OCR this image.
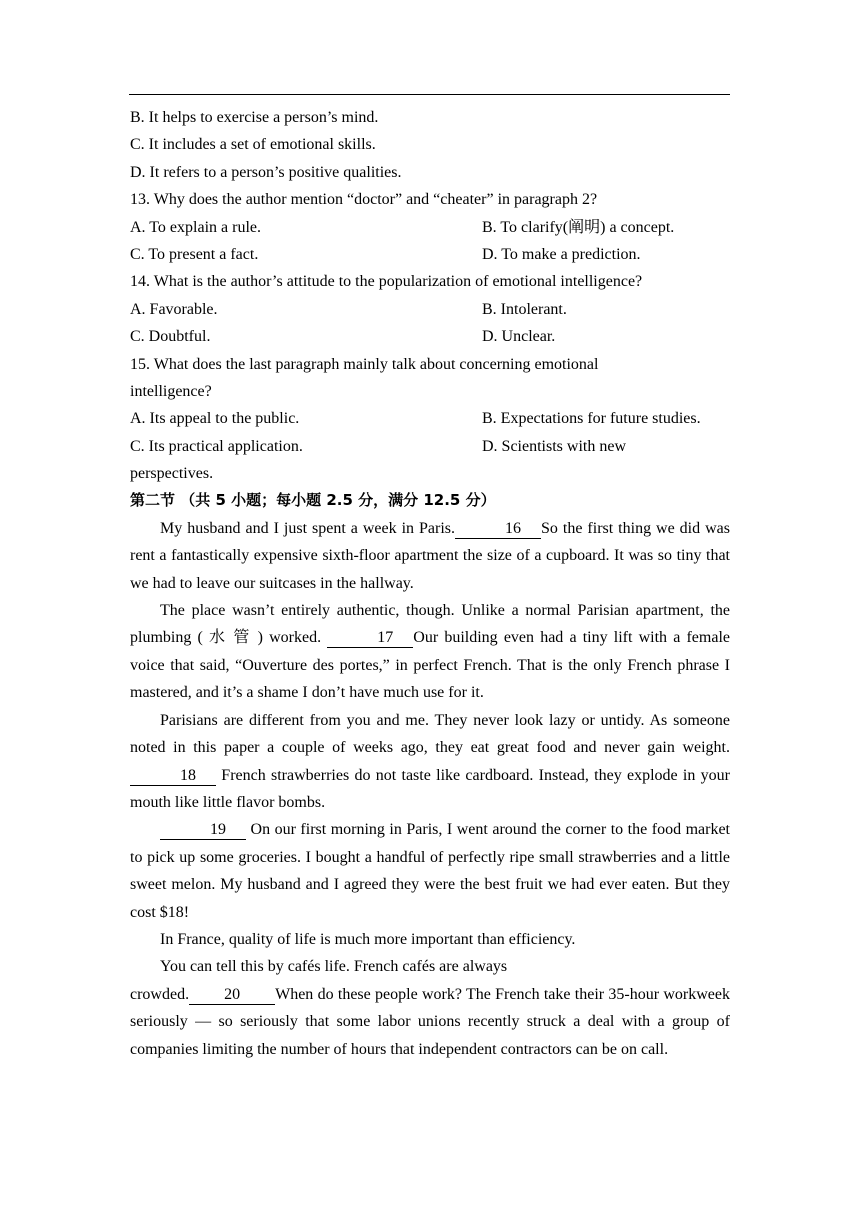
B. It helps to exercise a person’s mind.
C. It includes a set of emotional skills.
D. It refers to a person’s positive qualities.
13. Why does the author mention “doctor” and “cheater” in paragraph 2?
A. To explain a rule.	B. To clarify(阐明) a concept.
C. To present a fact.	D. To make a prediction.
14. What is the author’s attitude to the popularization of emotional intelligence?
A. Favorable.	B. Intolerant.
C. Doubtful.	D. Unclear.
15. What does the last paragraph mainly talk about concerning emotional
intelligence?
A. Its appeal to the public.	B. Expectations for future studies.
C. Its practical application.	D. Scientists with new
perspectives.
第二节 （共 5 小题；每小题 2.5 分，满分 12.5 分）

My husband and I just spent a week in Paris.	16 So the first thing we did was rent a fantastically expensive sixth-floor apartment the size of a cupboard. It was so tiny that we had to leave our suitcases in the hallway.

The place wasn’t entirely authentic, though. Unlike a normal Parisian apartment, the plumbing ( 水 管 ) worked.	17 Our building even had a tiny lift with a female voice that said, “Ouverture des portes,” in perfect French. That is the only French phrase I mastered, and it’s a shame I don’t have much use for it.

Parisians are different from you and me. They never look lazy or untidy. As someone noted in this paper a couple of weeks ago, they eat great food and never gain weight. 18 French strawberries do not taste like cardboard. Instead, they explode in your mouth like little flavor bombs.

19 On our first morning in Paris, I went around the corner to the food market to pick up some groceries. I bought a handful of perfectly ripe small strawberries and a little sweet melon. My husband and I agreed they were the best fruit we had ever eaten. But they cost $18!

In France, quality of life is much more important than efficiency.

You can tell this by cafés life. French cafés are always

crowded. 20 When do these people work? The French take their 35-hour workweek seriously — so seriously that some labor unions recently struck a deal with a group of companies limiting the number of hours that independent contractors can be on call.
